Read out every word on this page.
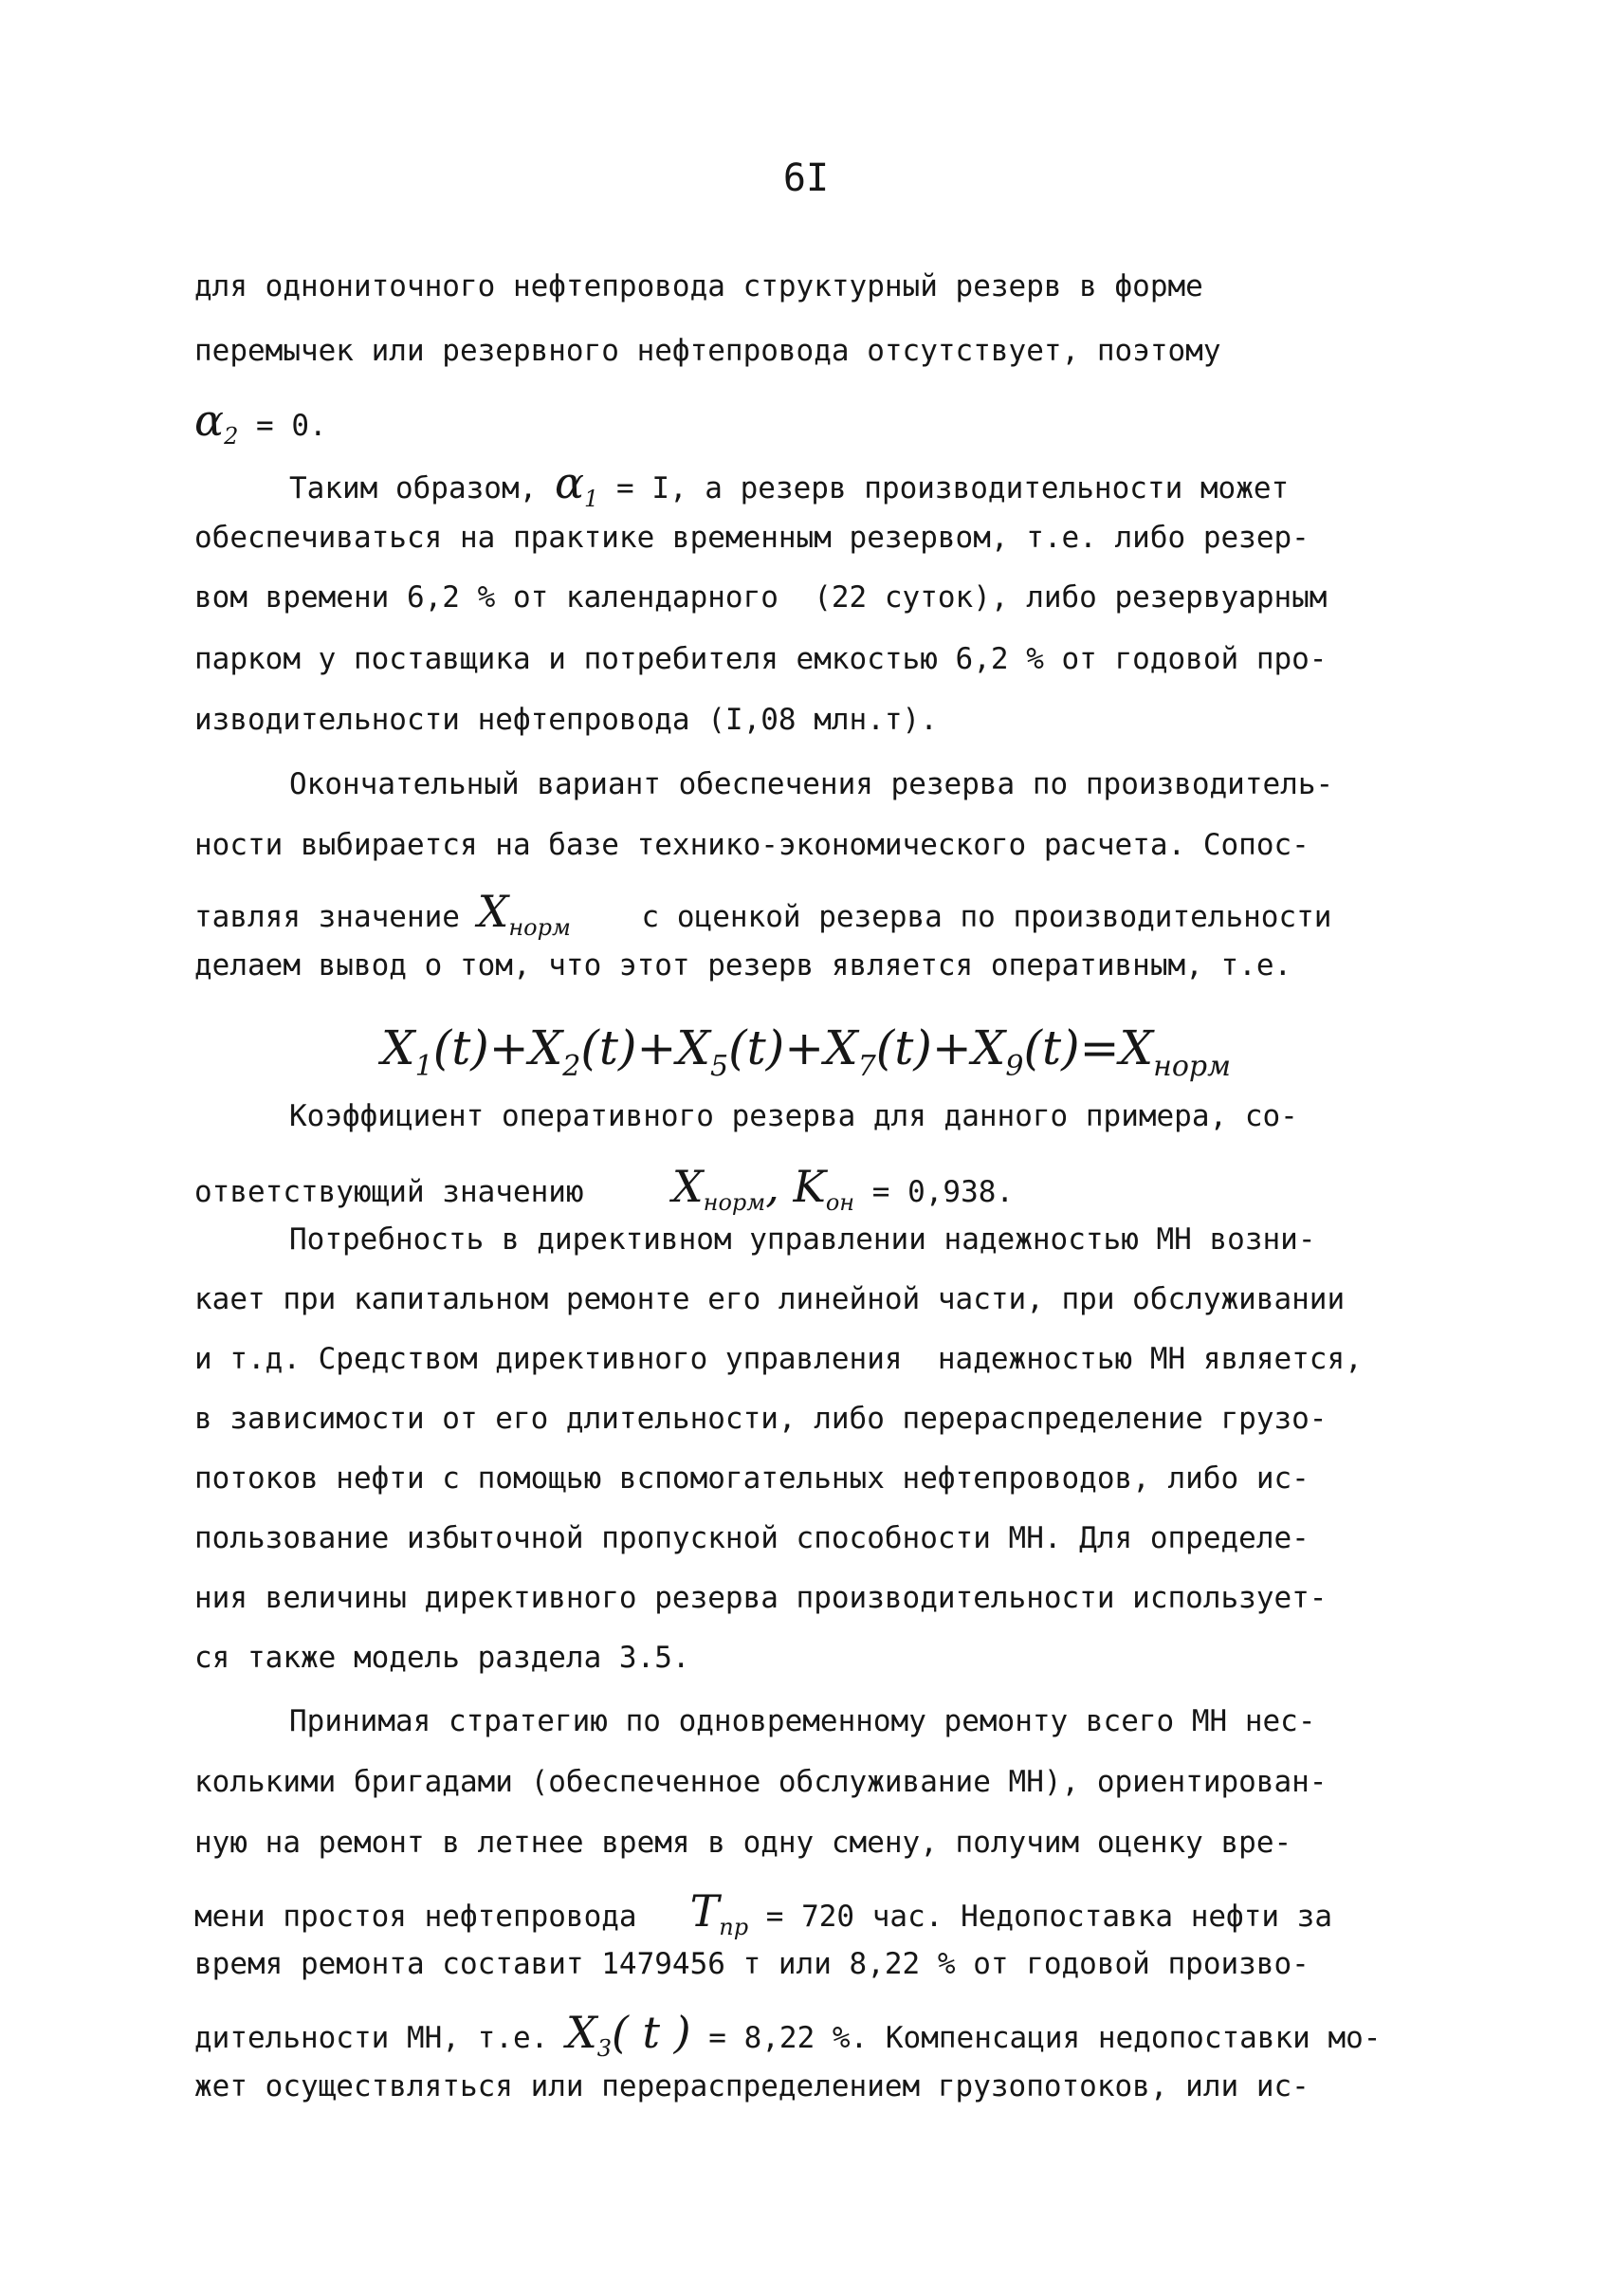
6I
для однониточного нефтепровода структурный резерв в форме
перемычек или резервного нефтепровода отсутствует, поэтому
$\alpha_2 = 0$.
Таким образом, $\alpha_1 = I$, а резерв производительности может
обеспечиваться на практике временным резервом, т.е. либо резер-
вом времени 6,2 % от календарного  (22 суток), либо резервуарным
парком у поставщика и потребителя емкостью 6,2 % от годовой про-
изводительности нефтепровода (I,08 млн.т).
Окончательный вариант обеспечения резерва по производитель-
ности выбирается на базе технико-экономического расчета. Сопос-
тавляя значение $X_{норм}$    с оценкой резерва по производительности
делаем вывод о том, что этот резерв является оперативным, т.е.
$X_1(t)+X_2(t)+X_5(t)+X_7(t)+X_9(t)=X_{норм}$
Коэффициент оперативного резерва для данного примера, со-
ответствующий значению     $X_{норм}$, $K_{он} = 0,938$.
Потребность в директивном управлении надежностью МН возни-
кает при капитальном ремонте его линейной части, при обслуживании
и т.д. Средством директивного управления  надежностью МН является,
в зависимости от его длительности, либо перераспределение грузо-
потоков нефти с помощью вспомогательных нефтепроводов, либо ис-
пользование избыточной пропускной способности МН. Для определе-
ния величины директивного резерва производительности использует-
ся также модель раздела 3.5.
Принимая стратегию по одновременному ремонту всего МН нес-
колькими бригадами (обеспеченное обслуживание МН), ориентирован-
ную на ремонт в летнее время в одну смену, получим оценку вре-
мени простоя нефтепровода   $T_{пр} = 720$ час. Недопоставка нефти за
время ремонта составит 1479456 т или 8,22 % от годовой произво-
дительности МН, т.е. $X_3$( t ) = 8,22 %. Компенсация недопоставки мо-
жет осуществляться или перераспределением грузопотоков, или ис-
